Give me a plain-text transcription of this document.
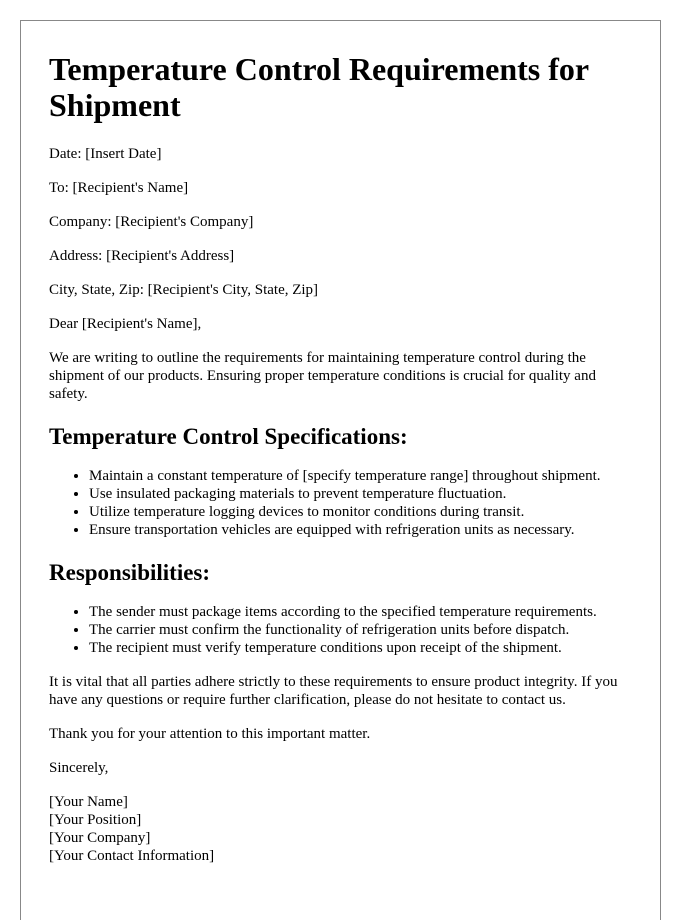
Temperature Control Requirements for Shipment

Date: [Insert Date]

To: [Recipient's Name]

Company: [Recipient's Company]

Address: [Recipient's Address]

City, State, Zip: [Recipient's City, State, Zip]

Dear [Recipient's Name],

We are writing to outline the requirements for maintaining temperature control during the shipment of our products. Ensuring proper temperature conditions is crucial for quality and safety.

Temperature Control Specifications:
• Maintain a constant temperature of [specify temperature range] throughout shipment.
• Use insulated packaging materials to prevent temperature fluctuation.
• Utilize temperature logging devices to monitor conditions during transit.
• Ensure transportation vehicles are equipped with refrigeration units as necessary.
Responsibilities:
• The sender must package items according to the specified temperature requirements.
• The carrier must confirm the functionality of refrigeration units before dispatch.
• The recipient must verify temperature conditions upon receipt of the shipment.

It is vital that all parties adhere strictly to these requirements to ensure product integrity. If you have any questions or require further clarification, please do not hesitate to contact us.

Thank you for your attention to this important matter.

Sincerely,

[Your Name]
[Your Position]
[Your Company]
[Your Contact Information]
